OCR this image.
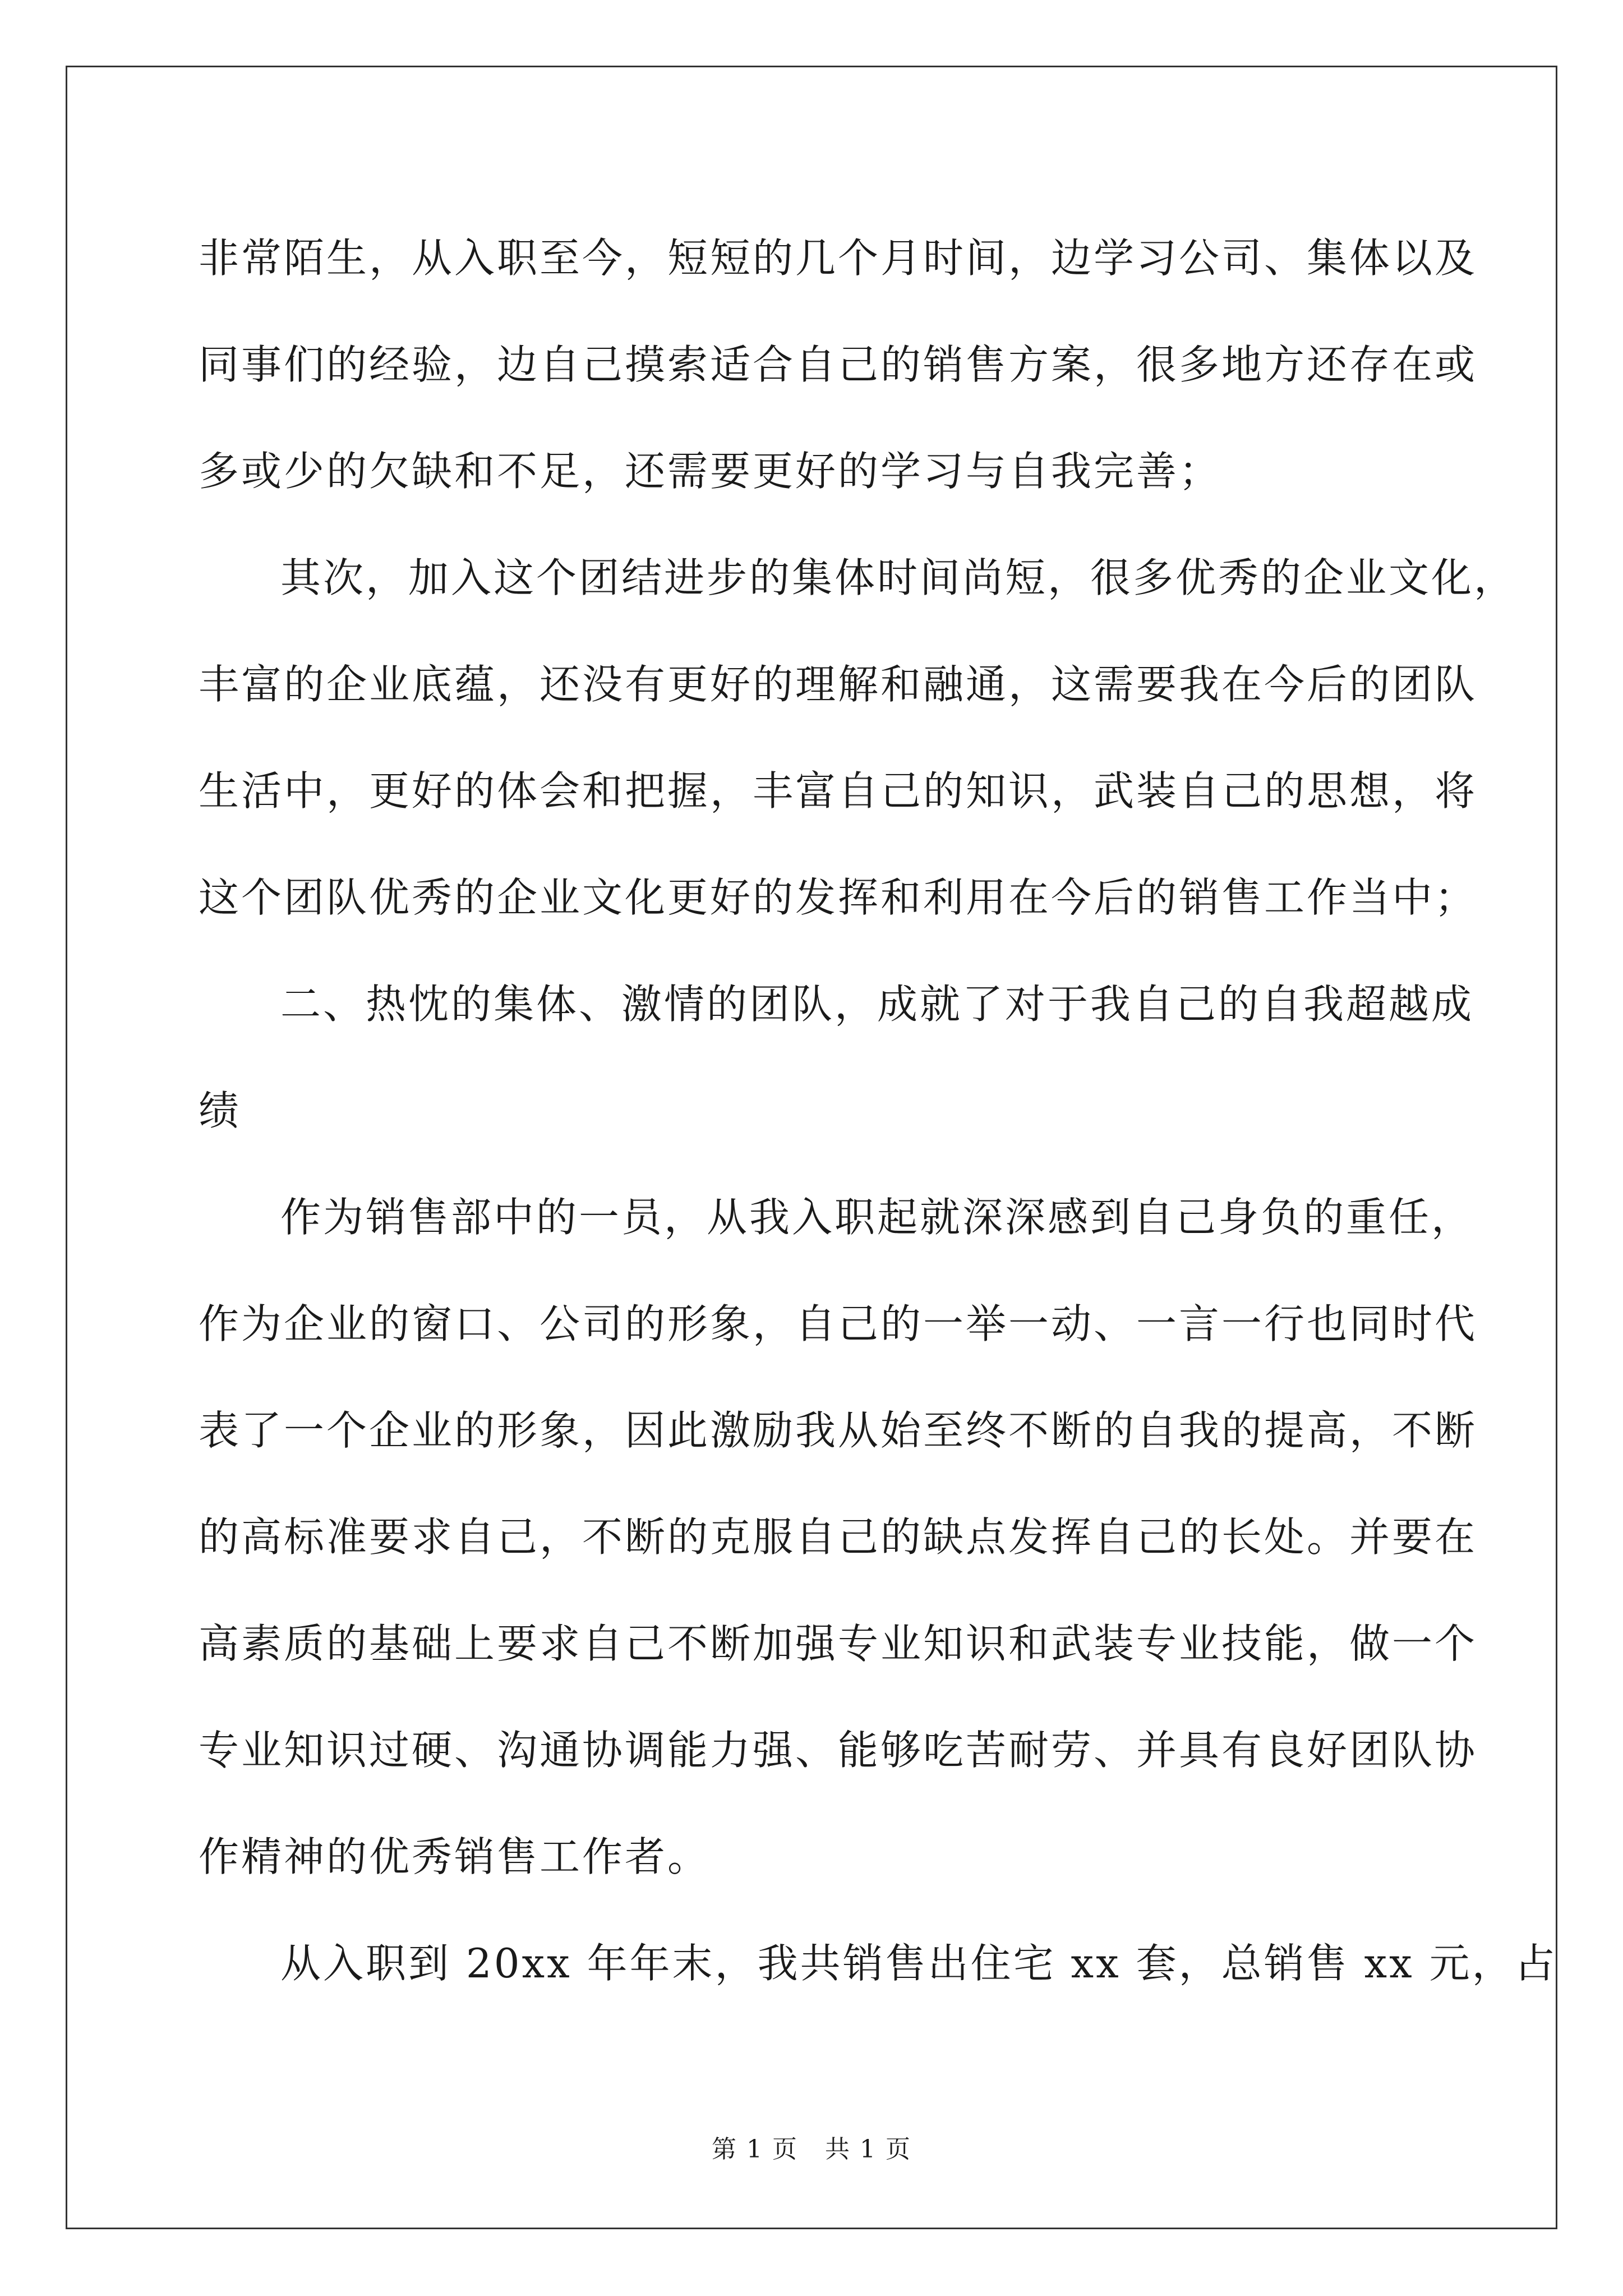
非常陌生，从入职至今，短短的几个月时间，边学习公司、集体以及
同事们的经验，边自己摸索适合自己的销售方案，很多地方还存在或
多或少的欠缺和不足，还需要更好的学习与自我完善；
其次，加入这个团结进步的集体时间尚短，很多优秀的企业文化，
丰富的企业底蕴，还没有更好的理解和融通，这需要我在今后的团队
生活中，更好的体会和把握，丰富自己的知识，武装自己的思想，将
这个团队优秀的企业文化更好的发挥和利用在今后的销售工作当中；
二、热忱的集体、激情的团队，成就了对于我自己的自我超越成
绩
作为销售部中的一员，从我入职起就深深感到自己身负的重任，
作为企业的窗口、公司的形象，自己的一举一动、一言一行也同时代
表了一个企业的形象，因此激励我从始至终不断的自我的提高，不断
的高标准要求自己，不断的克服自己的缺点发挥自己的长处。并要在
高素质的基础上要求自己不断加强专业知识和武装专业技能，做一个
专业知识过硬、沟通协调能力强、能够吃苦耐劳、并具有良好团队协
作精神的优秀销售工作者。
从入职到 20xx 年年末，我共销售出住宅 xx 套，总销售 xx 元，占
第 1 页 共 1 页
